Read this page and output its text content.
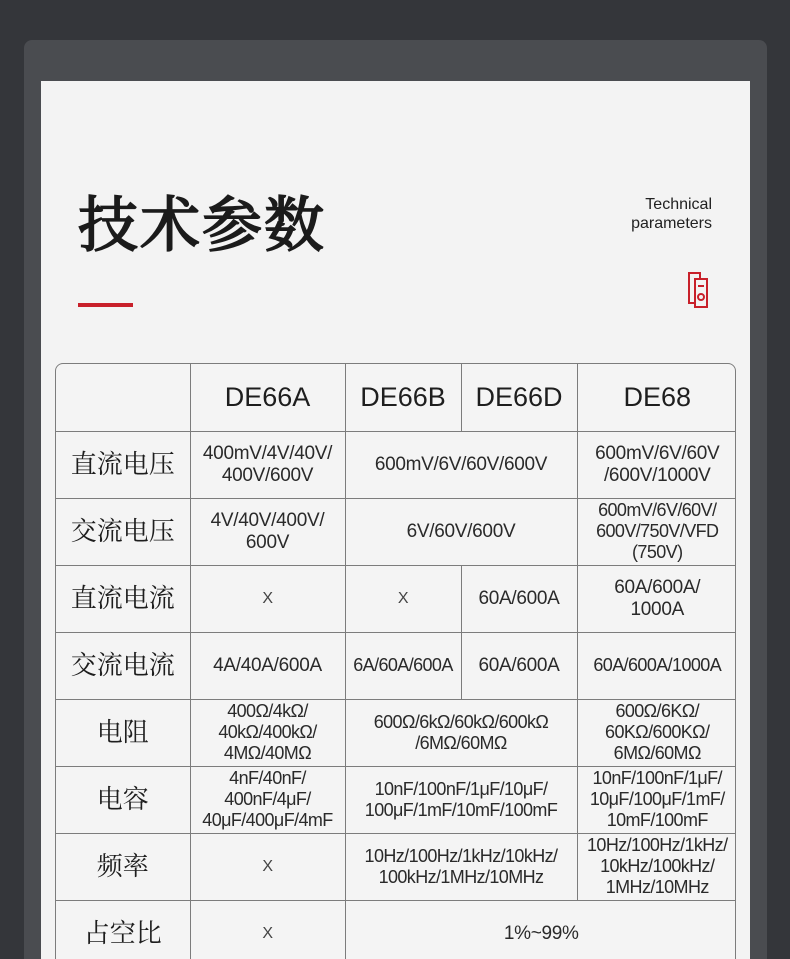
技术参数	Technical
parameters
	DE66A	DE66B	DE66D	DE68
直流电压	400mV/4V/40V/
400V/600V	600mV/6V/60V/600V		600mV/6V/60V
/600V/1000V
交流电压	4V/40V/400V/
600V	6V/60V/600V		600mV/6V/60V/
600V/750V/VFD
(750V)
直流电流	X	X	60A/600A	60A/600A/
1000A
交流电流	4A/40A/600A	6A/60A/600A	60A/600A	60A/600A/1000A
电阻	400Ω/4kΩ/
40kΩ/400kΩ/
4MΩ/40MΩ	600Ω/6kΩ/60kΩ/600kΩ
/6MΩ/60MΩ		600Ω/6KΩ/
60KΩ/600KΩ/
6MΩ/60MΩ
电容	4nF/40nF/
400nF/4μF/
40μF/400μF/4mF	10nF/100nF/1μF/10μF/
100μF/1mF/10mF/100mF		10nF/100nF/1μF/
10μF/100μF/1mF/
10mF/100mF
频率	X	10Hz/100Hz/1kHz/10kHz/
100kHz/1MHz/10MHz		10Hz/100Hz/1kHz/
10kHz/100kHz/
1MHz/10MHz
占空比	X	1%~99%		
